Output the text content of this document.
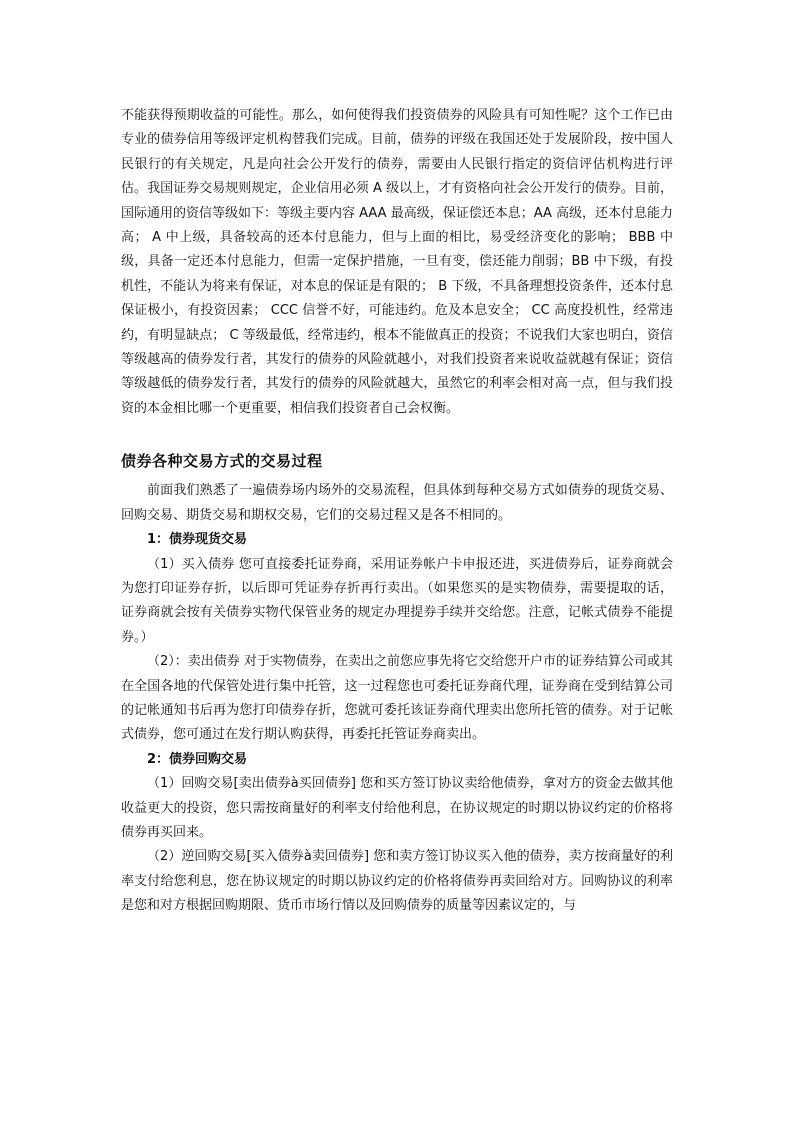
不能获得预期收益的可能性。那么，如何使得我们投资债券的风险具有可知性呢？这个工作已由专业的债券信用等级评定机构替我们完成。目前，债券的评级在我国还处于发展阶段，按中国人民银行的有关规定，凡是向社会公开发行的债券，需要由人民银行指定的资信评估机构进行评估。我国证券交易规则规定，企业信用必须 A 级以上，才有资格向社会公开发行的债券。目前，国际通用的资信等级如下：等级主要内容 AAA 最高级，保证偿还本息；AA 高级，还本付息能力高； A 中上级，具备较高的还本付息能力，但与上面的相比，易受经济变化的影响； BBB 中级，具备一定还本付息能力，但需一定保护措施，一旦有变，偿还能力削弱；BB 中下级，有投机性，不能认为将来有保证，对本息的保证是有限的； B 下级，不具备理想投资条件，还本付息保证极小，有投资因素； CCC 信誉不好，可能违约。危及本息安全； CC 高度投机性，经常违约，有明显缺点； C 等级最低，经常违约，根本不能做真正的投资；不说我们大家也明白，资信等级越高的债券发行者，其发行的债券的风险就越小，对我们投资者来说收益就越有保证；资信等级越低的债券发行者，其发行的债券的风险就越大，虽然它的利率会相对高一点，但与我们投资的本金相比哪一个更重要，相信我们投资者自己会权衡。

债券各种交易方式的交易过程

前面我们熟悉了一遍债券场内场外的交易流程，但具体到每种交易方式如债券的现货交易、回购交易、期货交易和期权交易，它们的交易过程又是各不相同的。

1：债券现货交易

（1）买入债券 您可直接委托证券商，采用证券帐户卡申报还进，买进债券后，证券商就会为您打印证券存折，以后即可凭证券存折再行卖出。（如果您买的是实物债券，需要提取的话，证券商就会按有关债券实物代保管业务的规定办理提券手续并交给您。注意，记帐式债券不能提券。）

（2）：卖出债券 对于实物债券，在卖出之前您应事先将它交给您开户市的证券结算公司或其在全国各地的代保管处进行集中托管，这一过程您也可委托证券商代理，证券商在受到结算公司的记帐通知书后再为您打印债券存折，您就可委托该证券商代理卖出您所托管的债券。对于记帐式债券，您可通过在发行期认购获得，再委托托管证券商卖出。

2：债券回购交易

（1）回购交易[卖出债券à买回债券] 您和买方签订协议卖给他债券，拿对方的资金去做其他收益更大的投资，您只需按商量好的利率支付给他利息，在协议规定的时期以协议约定的价格将债券再买回来。

（2）逆回购交易[买入债券à卖回债券] 您和卖方签订协议买入他的债券，卖方按商量好的利率支付给您利息，您在协议规定的时期以协议约定的价格将债券再卖回给对方。回购协议的利率是您和对方根据回购期限、货币市场行情以及回购债券的质量等因素议定的，与
